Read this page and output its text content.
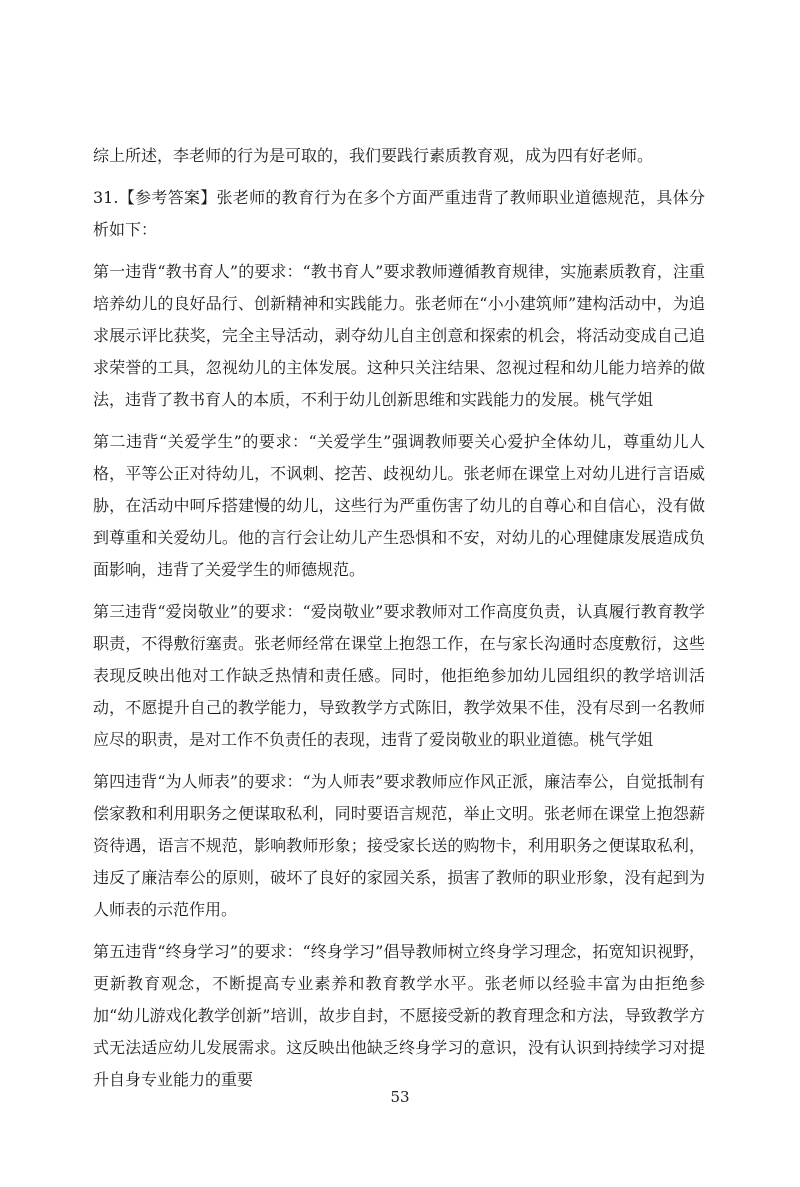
综上所述，李老师的行为是可取的，我们要践行素质教育观，成为四有好老师。

31.【参考答案】张老师的教育行为在多个方面严重违背了教师职业道德规范，具体分析如下：

第一违背“教书育人”的要求：“教书育人”要求教师遵循教育规律，实施素质教育，注重培养幼儿的良好品行、创新精神和实践能力。张老师在“小小建筑师”建构活动中，为追求展示评比获奖，完全主导活动，剥夺幼儿自主创意和探索的机会，将活动变成自己追求荣誉的工具，忽视幼儿的主体发展。这种只关注结果、忽视过程和幼儿能力培养的做法，违背了教书育人的本质，不利于幼儿创新思维和实践能力的发展。桃气学姐

第二违背“关爱学生”的要求：“关爱学生”强调教师要关心爱护全体幼儿，尊重幼儿人格，平等公正对待幼儿，不讽刺、挖苦、歧视幼儿。张老师在课堂上对幼儿进行言语威胁，在活动中呵斥搭建慢的幼儿，这些行为严重伤害了幼儿的自尊心和自信心，没有做到尊重和关爱幼儿。他的言行会让幼儿产生恐惧和不安，对幼儿的心理健康发展造成负面影响，违背了关爱学生的师德规范。

第三违背“爱岗敬业”的要求：“爱岗敬业”要求教师对工作高度负责，认真履行教育教学职责，不得敷衍塞责。张老师经常在课堂上抱怨工作，在与家长沟通时态度敷衍，这些表现反映出他对工作缺乏热情和责任感。同时，他拒绝参加幼儿园组织的教学培训活动，不愿提升自己的教学能力，导致教学方式陈旧，教学效果不佳，没有尽到一名教师应尽的职责，是对工作不负责任的表现，违背了爱岗敬业的职业道德。桃气学姐

第四违背“为人师表”的要求：“为人师表”要求教师应作风正派，廉洁奉公，自觉抵制有偿家教和利用职务之便谋取私利，同时要语言规范，举止文明。张老师在课堂上抱怨薪资待遇，语言不规范，影响教师形象；接受家长送的购物卡，利用职务之便谋取私利，违反了廉洁奉公的原则，破坏了良好的家园关系，损害了教师的职业形象，没有起到为人师表的示范作用。

第五违背“终身学习”的要求：“终身学习”倡导教师树立终身学习理念，拓宽知识视野，更新教育观念，不断提高专业素养和教育教学水平。张老师以经验丰富为由拒绝参加“幼儿游戏化教学创新”培训，故步自封，不愿接受新的教育理念和方法，导致教学方式无法适应幼儿发展需求。这反映出他缺乏终身学习的意识，没有认识到持续学习对提升自身专业能力的重要

53
